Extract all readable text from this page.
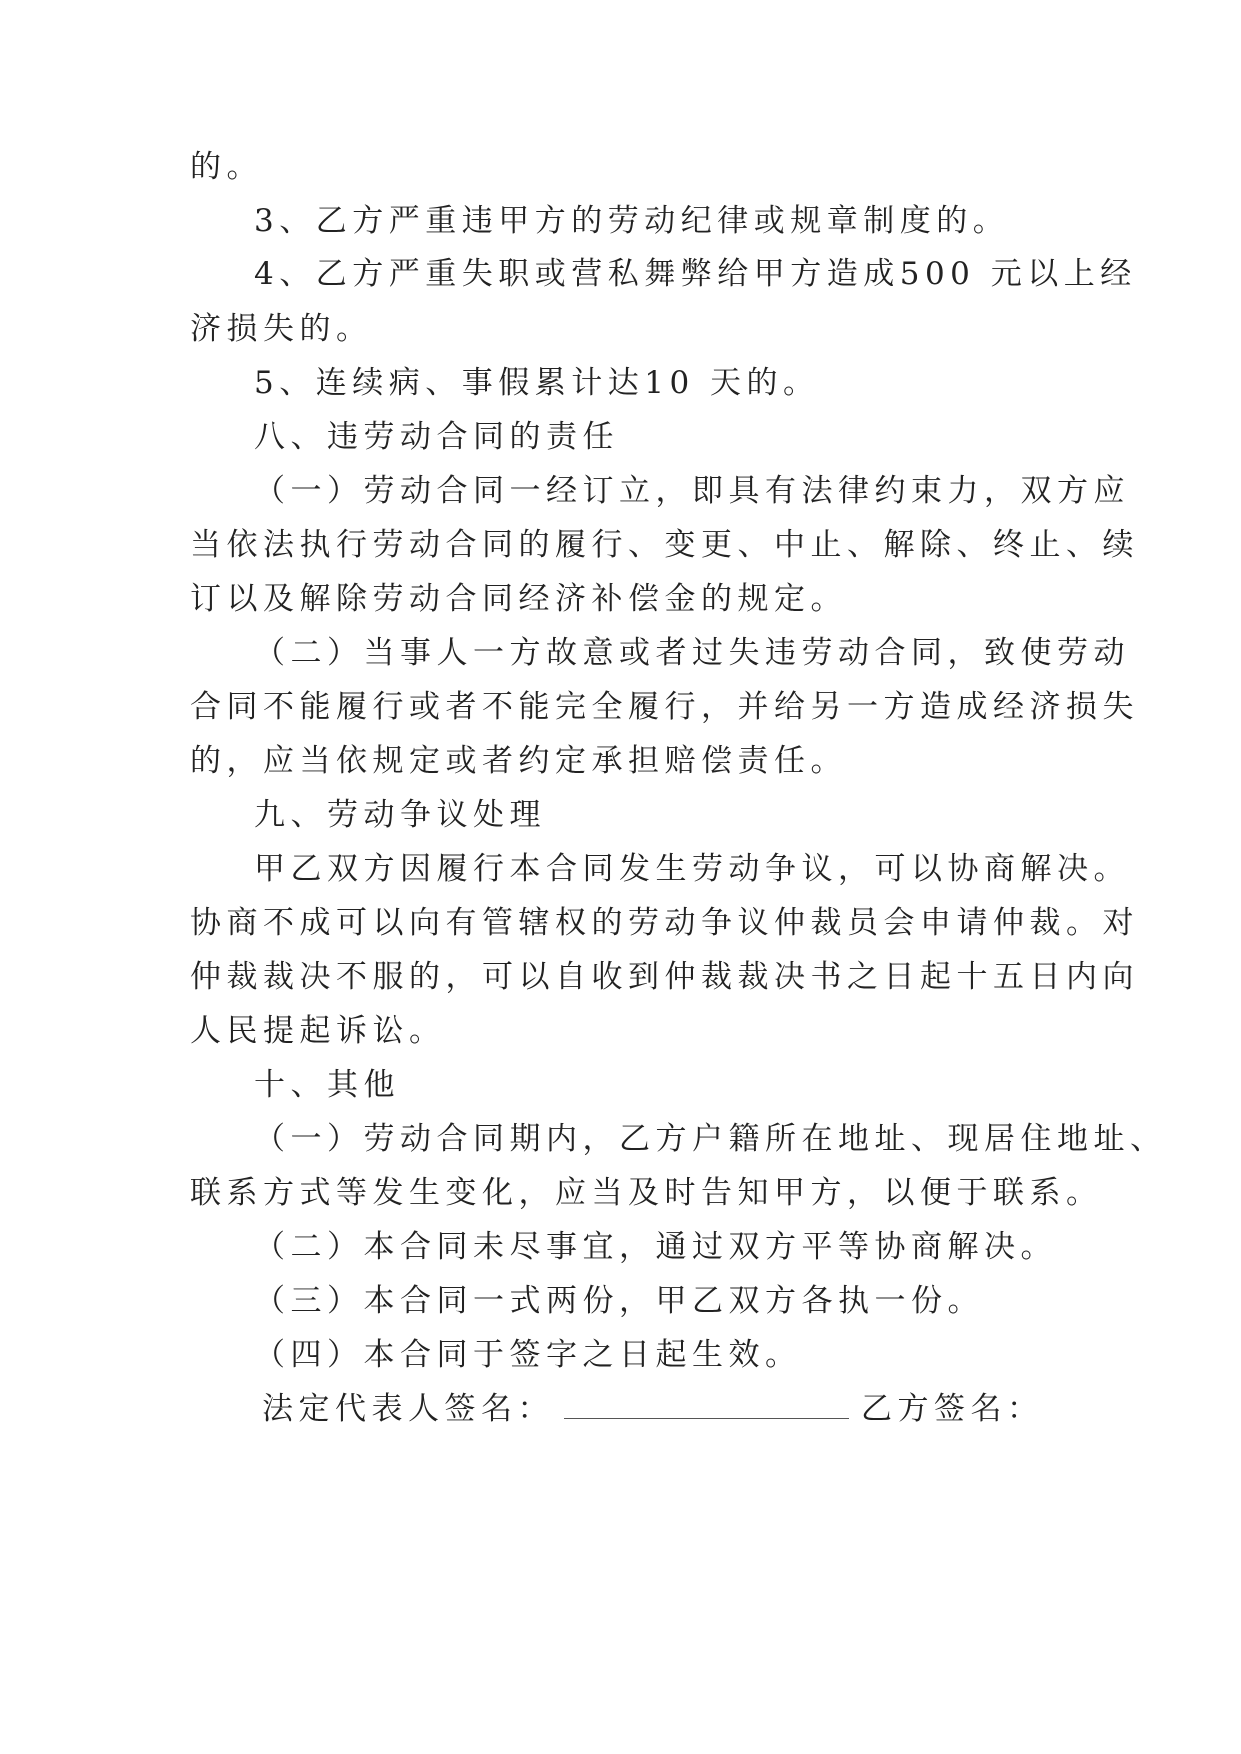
的。
3、乙方严重违甲方的劳动纪律或规章制度的。
4、乙方严重失职或营私舞弊给甲方造成500 元以上经
济损失的。
5、连续病、事假累计达10 天的。
八、违劳动合同的责任
（一）劳动合同一经订立，即具有法律约束力，双方应
当依法执行劳动合同的履行、变更、中止、解除、终止、续
订以及解除劳动合同经济补偿金的规定。
（二）当事人一方故意或者过失违劳动合同，致使劳动
合同不能履行或者不能完全履行，并给另一方造成经济损失
的，应当依规定或者约定承担赔偿责任。
九、劳动争议处理
甲乙双方因履行本合同发生劳动争议，可以协商解决。
协商不成可以向有管辖权的劳动争议仲裁员会申请仲裁。对
仲裁裁决不服的，可以自收到仲裁裁决书之日起十五日内向
人民提起诉讼。
十、其他
（一）劳动合同期内，乙方户籍所在地址、现居住地址、
联系方式等发生变化，应当及时告知甲方，以便于联系。
（二）本合同未尽事宜，通过双方平等协商解决。
（三）本合同一式两份，甲乙双方各执一份。
（四）本合同于签字之日起生效。
法定代表人签名：	乙方签名：
